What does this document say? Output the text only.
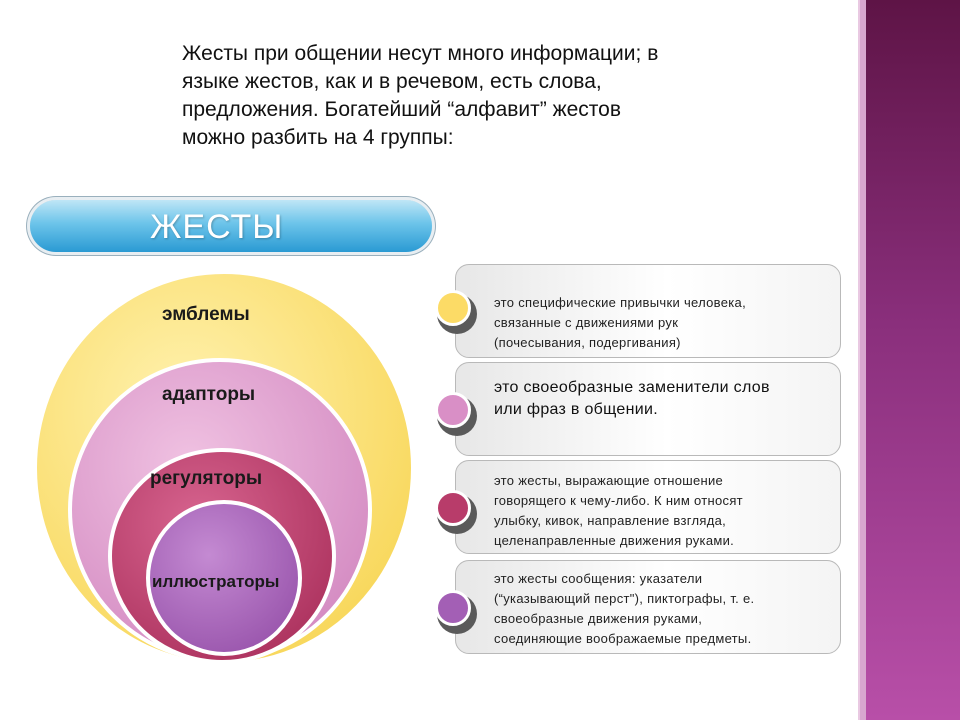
Жесты при общении несут много информации; в
языке жестов, как и в речевом, есть слова,
предложения. Богатейший “алфавит” жестов
можно разбить на 4 группы:
ЖЕСТЫ
эмблемы
адапторы
регуляторы
иллюстраторы
это специфические привычки человека,
связанные с движениями рук
(почесывания, подергивания)
это своеобразные заменители слов
или фраз в общении.
это жесты, выражающие отношение
говорящего к чему-либо. К ним относят
улыбку, кивок, направление взгляда,
целенаправленные движения руками.
это жесты сообщения: указатели
(“указывающий перст"), пиктографы, т. е.
своеобразные движения руками,
соединяющие воображаемые предметы.
